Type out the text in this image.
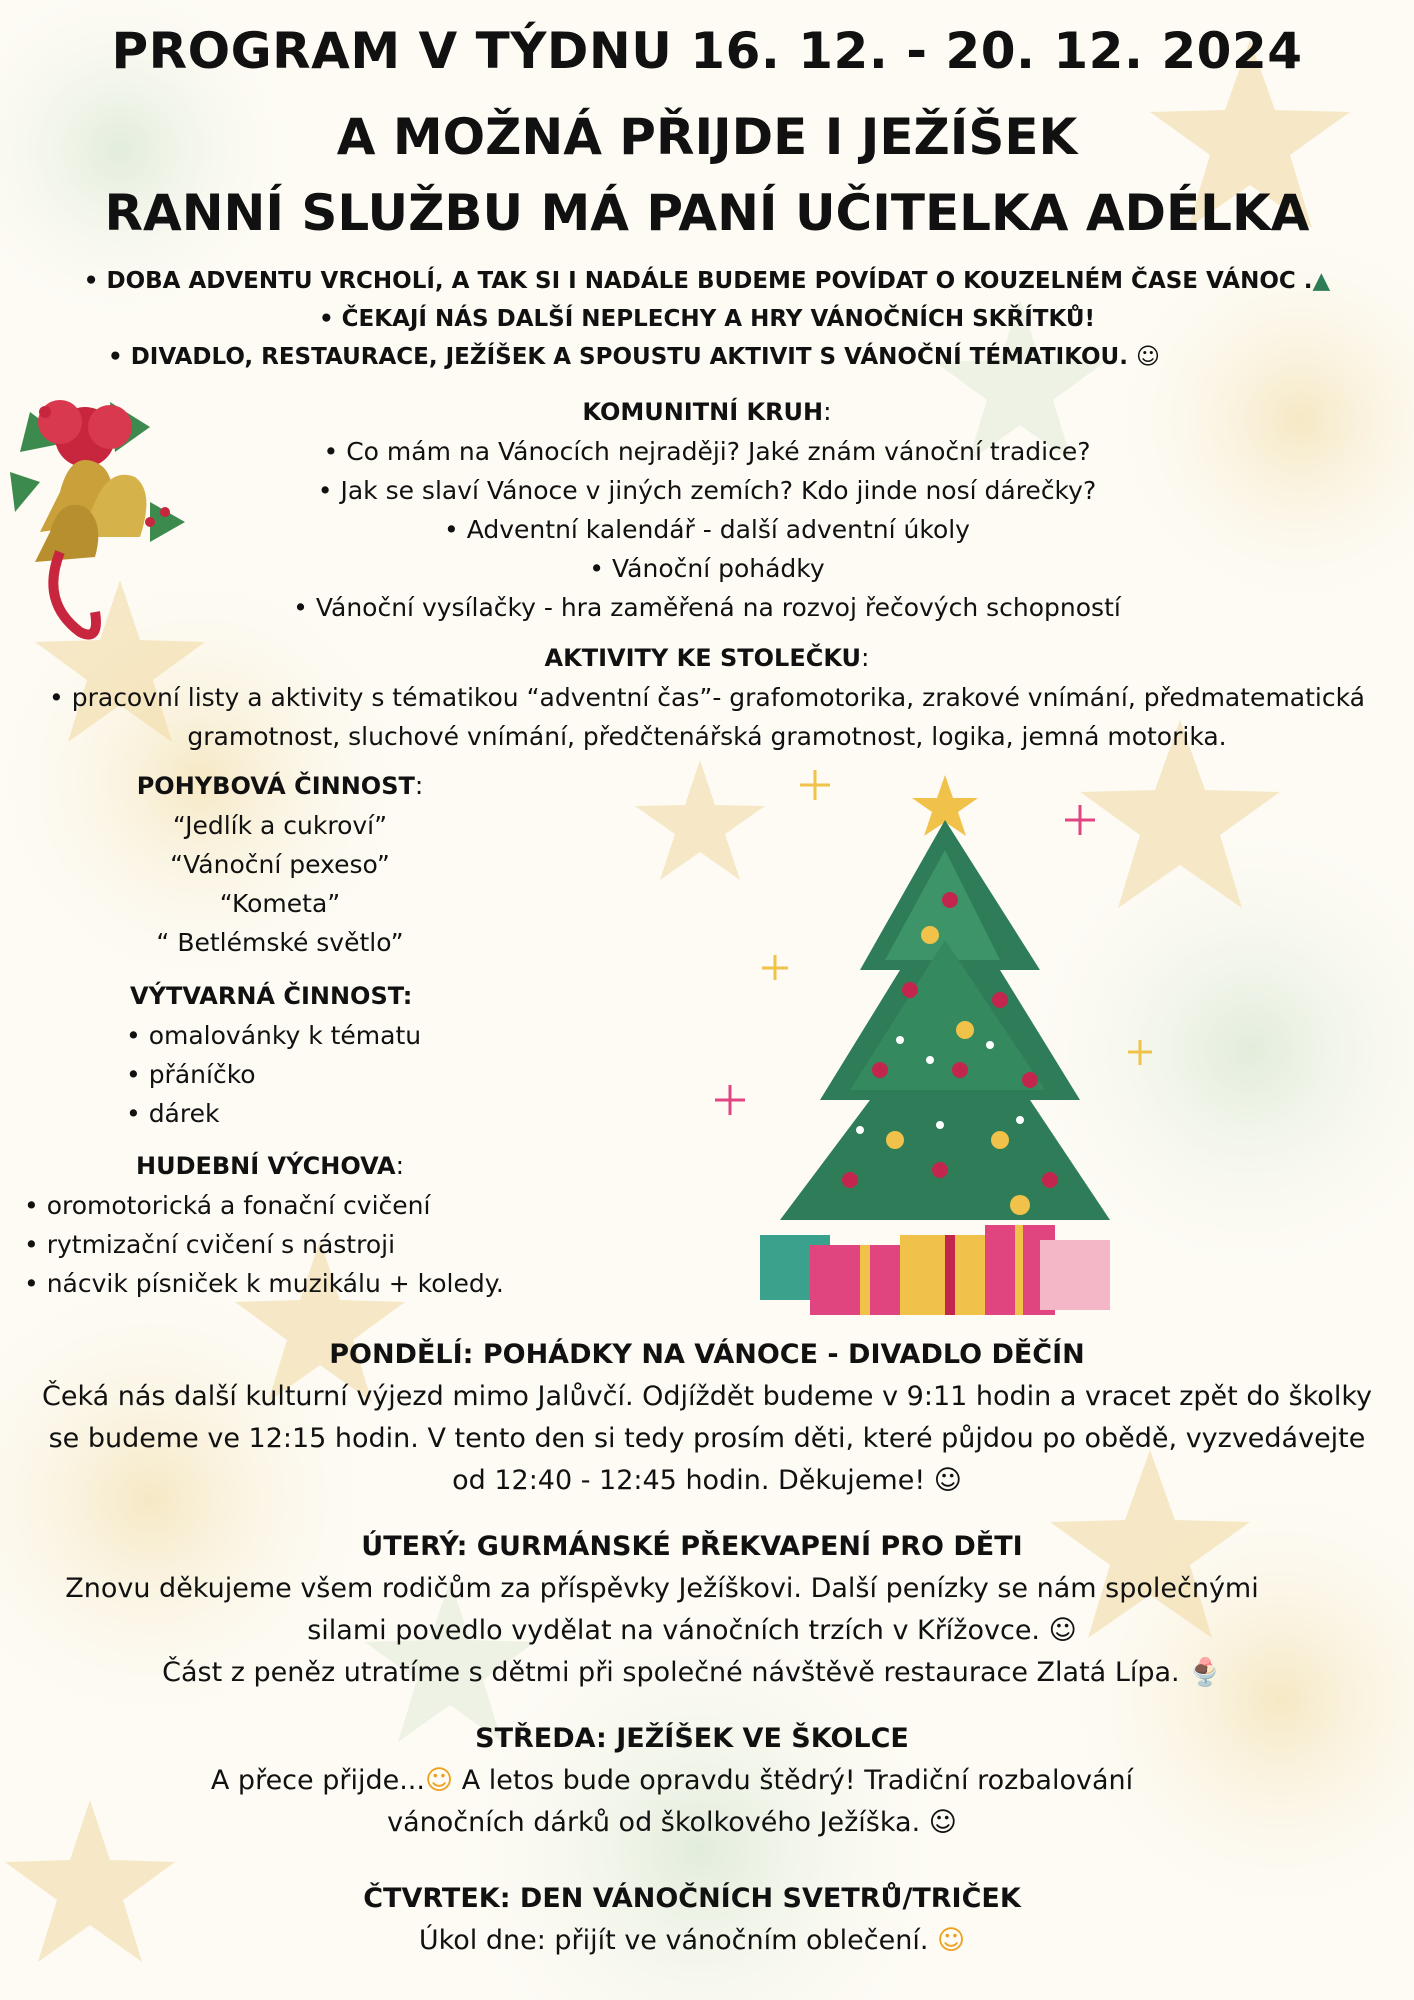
PROGRAM V TÝDNU 16. 12. - 20. 12. 2024
A MOŽNÁ PŘIJDE I JEŽÍŠEK
RANNÍ SLUŽBU MÁ PANÍ UČITELKA ADÉLKA
• DOBA ADVENTU VRCHOLÍ, A TAK SI I NADÁLE BUDEME POVÍDAT O KOUZELNÉM ČASE VÁNOC .▲
• ČEKAJÍ NÁS DALŠÍ NEPLECHY A HRY VÁNOČNÍCH SKŘÍTKŮ!
• DIVADLO, RESTAURACE, JEŽÍŠEK A SPOUSTU AKTIVIT S VÁNOČNÍ TÉMATIKOU. ☺
KOMUNITNÍ KRUH:
• Co mám na Vánocích nejraději? Jaké znám vánoční tradice?
• Jak se slaví Vánoce v jiných zemích? Kdo jinde nosí dárečky?
• Adventní kalendář - další adventní úkoly
• Vánoční pohádky
• Vánoční vysílačky - hra zaměřená na rozvoj řečových schopností
AKTIVITY KE STOLEČKU:
• pracovní listy a aktivity s tématikou “adventní čas”- grafomotorika, zrakové vnímání, předmatematická
gramotnost, sluchové vnímání, předčtenářská gramotnost, logika, jemná motorika.
POHYBOVÁ ČINNOST:
“Jedlík a cukroví”
“Vánoční pexeso”
“Kometa”
“ Betlémské světlo”
VÝTVARNÁ ČINNOST:
• omalovánky k tématu
• přáníčko
• dárek
HUDEBNÍ VÝCHOVA:
• oromotorická a fonační cvičení
• rytmizační cvičení s nástroji
• nácvik písniček k muzikálu + koledy.
PONDĚLÍ: POHÁDKY NA VÁNOCE - DIVADLO DĚČÍN
Čeká nás další kulturní výjezd mimo Jalůvčí. Odjíždět budeme v 9:11 hodin a vracet zpět do školky
se budeme ve 12:15 hodin. V tento den si tedy prosím děti, které půjdou po obědě, vyzvedávejte
od 12:40 - 12:45 hodin. Děkujeme! ☺
ÚTERÝ: GURMÁNSKÉ PŘEKVAPENÍ PRO DĚTI
Znovu děkujeme všem rodičům za příspěvky Ježíškovi. Další penízky se nám společnými
silami povedlo vydělat na vánočních trzích v Křížovce. ☺
Část z peněz utratíme s dětmi při společné návštěvě restaurace Zlatá Lípa. 🍨
STŘEDA: JEŽÍŠEK VE ŠKOLCE
A přece přijde...☺ A letos bude opravdu štědrý! Tradiční rozbalování
vánočních dárků od školkového Ježíška. ☺
ČTVRTEK: DEN VÁNOČNÍCH SVETRŮ/TRIČEK
Úkol dne: přijít ve vánočním oblečení. ☺
